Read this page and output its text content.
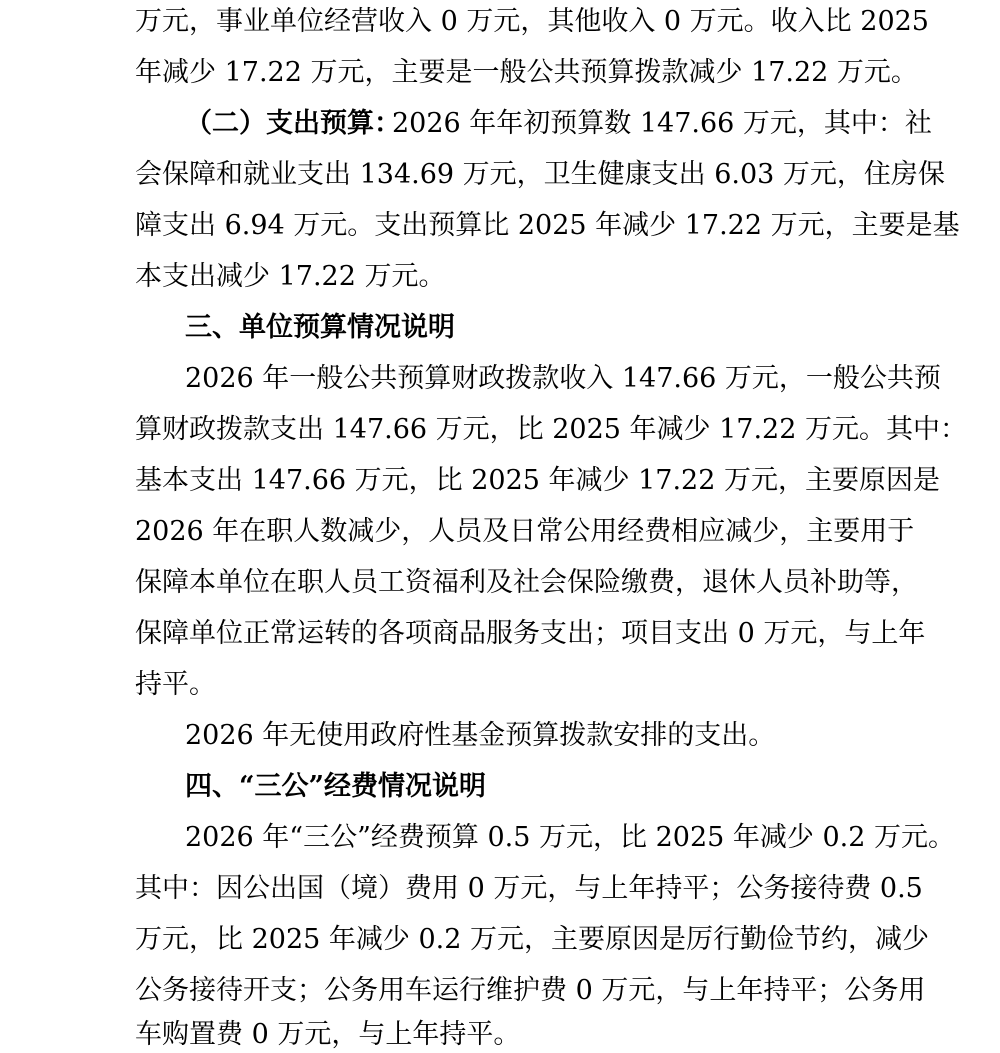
万元，事业单位经营收入 0 万元，其他收入 0 万元。收入比 2025
年减少 17.22 万元，主要是一般公共预算拨款减少 17.22 万元。
（二）支出预算：
2026 年年初预算数 147.66 万元，其中：社
会保障和就业支出 134.69 万元，卫生健康支出 6.03 万元，住房保
障支出 6.94 万元。支出预算比 2025 年减少 17.22 万元，主要是基
本支出减少 17.22 万元。
三、单位预算情况说明
2026 年一般公共预算财政拨款收入 147.66 万元，一般公共预
算财政拨款支出 147.66 万元，比 2025 年减少 17.22 万元。其中：
基本支出 147.66 万元，比 2025 年减少 17.22 万元，主要原因是
2026 年在职人数减少，人员及日常公用经费相应减少，主要用于
保障本单位在职人员工资福利及社会保险缴费，退休人员补助等，
保障单位正常运转的各项商品服务支出；项目支出 0 万元，与上年
持平。
2026 年无使用政府性基金预算拨款安排的支出。
四、“三公”经费情况说明
2026 年“三公”经费预算 0.5 万元，比 2025 年减少 0.2 万元。
其中：因公出国（境）费用 0 万元，与上年持平；公务接待费 0.5
万元，比 2025 年减少 0.2 万元，主要原因是厉行勤俭节约，减少
公务接待开支；公务用车运行维护费 0 万元，与上年持平；公务用
车购置费 0 万元，与上年持平。
